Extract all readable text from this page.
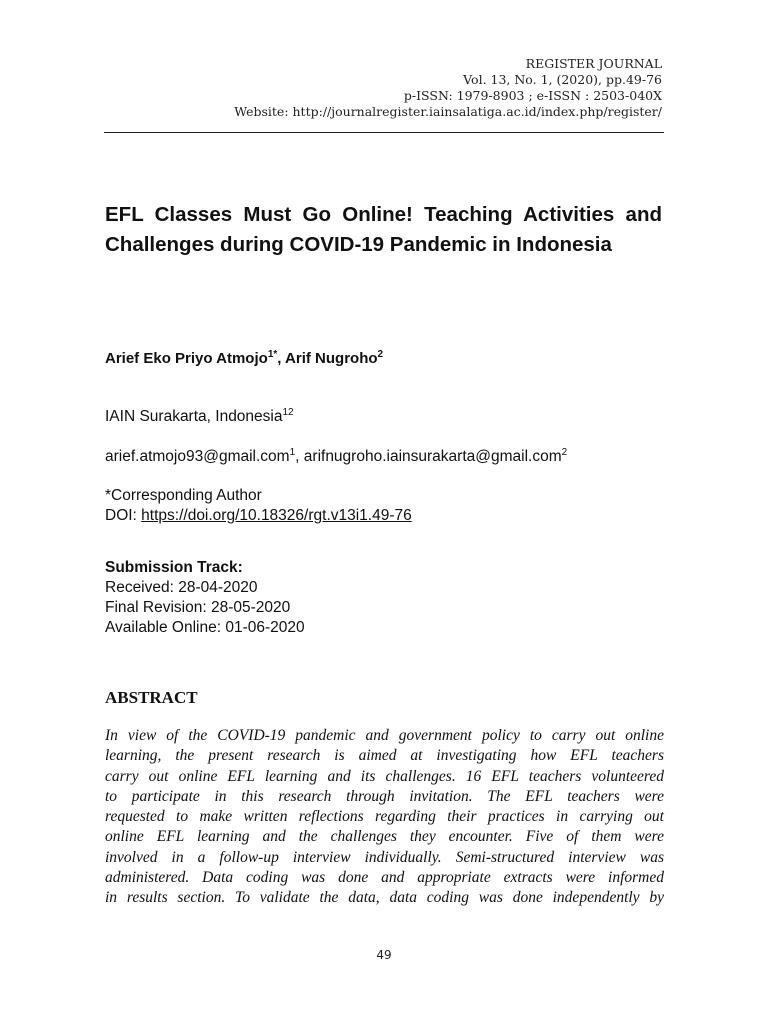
REGISTER JOURNAL
Vol. 13, No. 1, (2020), pp.49-76
p-ISSN: 1979-8903 ; e-ISSN : 2503-040X
Website: http://journalregister.iainsalatiga.ac.id/index.php/register/
EFL Classes Must Go Online! Teaching Activities and Challenges during COVID-19 Pandemic in Indonesia
Arief Eko Priyo Atmojo$^{1*}$, Arif Nugroho$^2$
IAIN Surakarta, Indonesia$^{12}$
arief.atmojo93@gmail.com$^1$, arifnugroho.iainsurakarta@gmail.com$^2$
*Corresponding Author
DOI: https://doi.org/10.18326/rgt.v13i1.49-76
Submission Track:
Received: 28-04-2020
Final Revision: 28-05-2020
Available Online: 01-06-2020
ABSTRACT
In view of the COVID-19 pandemic and government policy to carry out online
learning, the present research is aimed at investigating how EFL teachers
carry out online EFL learning and its challenges. 16 EFL teachers volunteered
to participate in this research through invitation. The EFL teachers were
requested to make written reflections regarding their practices in carrying out
online EFL learning and the challenges they encounter. Five of them were
involved in a follow-up interview individually. Semi-structured interview was
administered. Data coding was done and appropriate extracts were informed
in results section. To validate the data, data coding was done independently by
49
